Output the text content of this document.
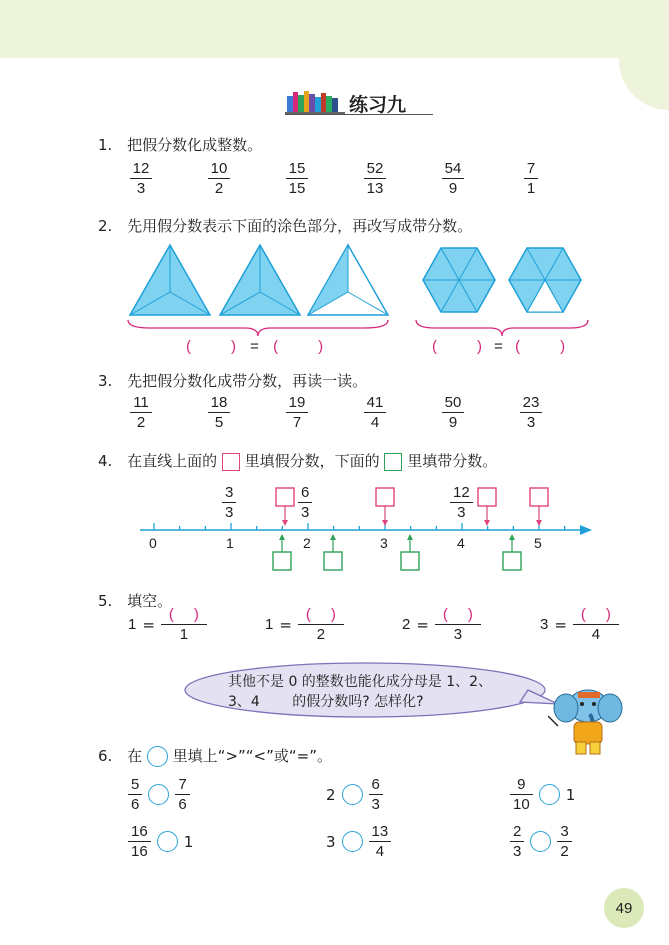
练习九
1. 把假分数化成整数。
$\frac{12}{3}$	$\frac{10}{2}$	$\frac{15}{15}$	$\frac{52}{13}$	$\frac{54}{9}$	$\frac{7}{1}$
2. 先用假分数表示下面的涂色部分，再改写成带分数。
(	) = (	)	(	) = (	)
3. 先把假分数化成带分数，再读一读。
$\frac{11}{2}$	$\frac{18}{5}$	$\frac{19}{7}$	$\frac{41}{4}$	$\frac{50}{9}$	$\frac{23}{3}$
4. 在直线上面的 里填假分数，下面的 里填带分数。
3
3
6
3
12
3
0	1	2	3	4	5
5. 填空。
$1 = \frac{( )}{1}$	$1 = \frac{( )}{2}$	$2 = \frac{( )}{3}$	$3 = \frac{( )}{4}$
其他不是 0 的整数也能化成分母是 1、2、
3、4　　 的假分数吗? 怎样化?
6. 在 里填上“>”“<”或“=”。
$\frac{5}{6} \frac{7}{6}$	$2 \frac{6}{3}$	$\frac{9}{10} 1$
$\frac{16}{16} 1$	$3 \frac{13}{4}$	$\frac{2}{3} \frac{3}{2}$
49
